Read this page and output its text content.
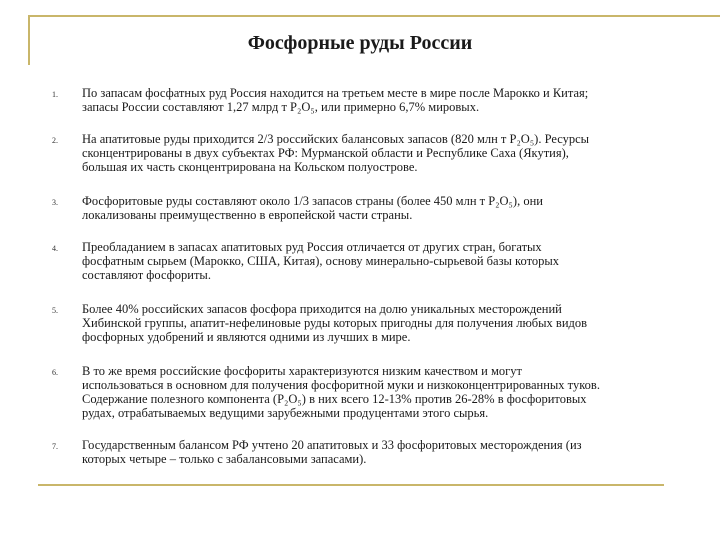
Фосфорные руды России
1.	По запасам фосфатных руд Россия находится на третьем месте в мире после Марокко и Китая;
запасы России составляют 1,27 млрд т P₂O₅, или примерно 6,7% мировых.
2.	На апатитовые руды приходится 2/3 российских балансовых запасов (820 млн т P₂O₅). Ресурсы
сконцентрированы в двух субъектах РФ: Мурманской области и Республике Саха (Якутия),
большая их часть сконцентрирована на Кольском полуострове.
3.	Фосфоритовые руды составляют около 1/3 запасов страны (более 450 млн т P₂O₅), они
локализованы преимущественно в европейской части страны.
4.	Преобладанием в запасах апатитовых руд Россия отличается от других стран, богатых
фосфатным сырьем (Марокко, США, Китая), основу минерально-сырьевой базы которых
составляют фосфориты.
5.	Более 40% российских запасов фосфора приходится на долю уникальных месторождений
Хибинской группы, апатит-нефелиновые руды которых пригодны для получения любых видов
фосфорных удобрений и являются одними из лучших в мире.
6.	В то же время российские фосфориты характеризуются низким качеством и могут
использоваться в основном для получения фосфоритной муки и низкоконцентрированных туков.
Содержание полезного компонента (P₂O₅) в них всего 12-13% против 26-28% в фосфоритовых
рудах, отрабатываемых ведущими зарубежными продуцентами этого сырья.
7.	Государственным балансом РФ учтено 20 апатитовых и 33 фосфоритовых месторождения (из
которых четыре – только с забалансовыми запасами).
